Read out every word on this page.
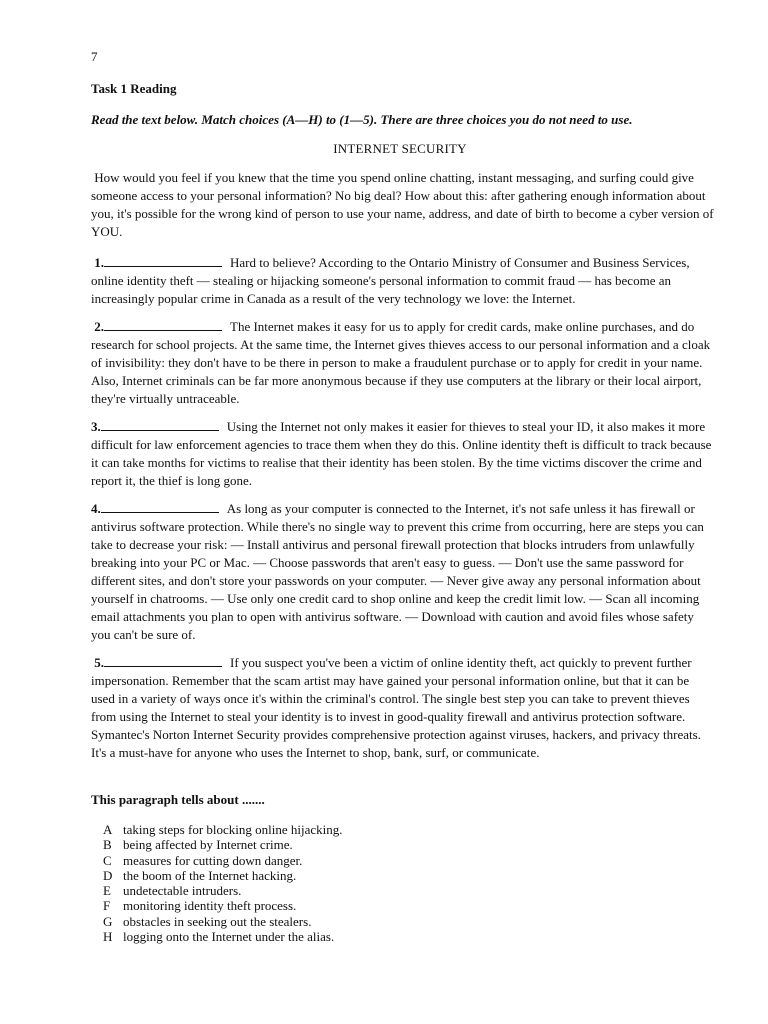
7
Task 1 Reading
Read the text below. Match choices (A—H) to (1—5). There are three choices you do not need to use.
INTERNET SECURITY
How would you feel if you knew that the time you spend online chatting, instant messaging, and surfing could give someone access to your personal information? No big deal? How about this: after gathering enough information about you, it's possible for the wrong kind of person to use your name, address, and date of birth to become a cyber version of YOU.
1.	Hard to believe? According to the Ontario Ministry of Consumer and Business Services, online identity theft — stealing or hijacking someone's personal information to commit fraud — has become an increasingly popular crime in Canada as a result of the very technology we love: the Internet.
2.	The Internet makes it easy for us to apply for credit cards, make online purchases, and do research for school projects. At the same time, the Internet gives thieves access to our personal information and a cloak of invisibility: they don't have to be there in person to make a fraudulent purchase or to apply for credit in your name. Also, Internet criminals can be far more anonymous because if they use computers at the library or their local airport, they're virtually untraceable.
3.	Using the Internet not only makes it easier for thieves to steal your ID, it also makes it more difficult for law enforcement agencies to trace them when they do this. Online identity theft is difficult to track because it can take months for victims to realise that their identity has been stolen. By the time victims discover the crime and report it, the thief is long gone.
4.	As long as your computer is connected to the Internet, it's not safe unless it has firewall or antivirus software protection. While there's no single way to prevent this crime from occurring, here are steps you can take to decrease your risk: — Install antivirus and personal firewall protection that blocks intruders from unlawfully breaking into your PC or Mac. — Choose passwords that aren't easy to guess. — Don't use the same password for different sites, and don't store your passwords on your computer. — Never give away any personal information about yourself in chatrooms. — Use only one credit card to shop online and keep the credit limit low. — Scan all incoming email attachments you plan to open with antivirus software. — Download with caution and avoid files whose safety you can't be sure of.
5.	If you suspect you've been a victim of online identity theft, act quickly to prevent further impersonation. Remember that the scam artist may have gained your personal information online, but that it can be used in a variety of ways once it's within the criminal's control. The single best step you can take to prevent thieves from using the Internet to steal your identity is to invest in good-quality firewall and antivirus protection software. Symantec's Norton Internet Security provides comprehensive protection against viruses, hackers, and privacy threats. It's a must-have for anyone who uses the Internet to shop, bank, surf, or communicate.
This paragraph tells about .......
A taking steps for blocking online hijacking.
B being affected by Internet crime.
C measures for cutting down danger.
D the boom of the Internet hacking.
E undetectable intruders.
F monitoring identity theft process.
G obstacles in seeking out the stealers.
H logging onto the Internet under the alias.
